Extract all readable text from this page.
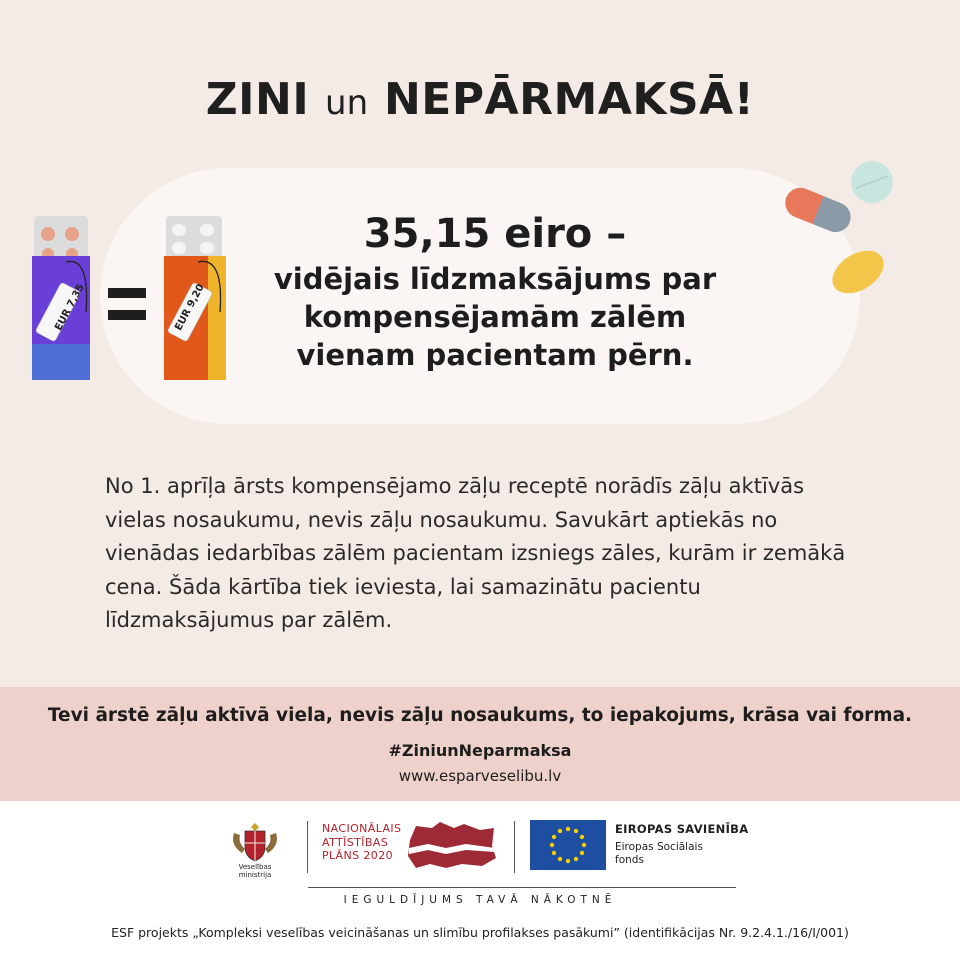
ZINI un NEPĀRMAKSĀ!
EUR 7,35	EUR 9,20
35,15 eiro –
vidējais līdzmaksājums par
kompensējamām zālēm
vienam pacientam pērn.
No 1. aprīļa ārsts kompensējamo zāļu receptē norādīs zāļu aktīvās vielas nosaukumu, nevis zāļu nosaukumu. Savukārt aptiekās no vienādas iedarbības zālēm pacientam izsniegs zāles, kurām ir zemākā cena. Šāda kārtība tiek ieviesta, lai samazinātu pacientu līdzmaksājumus par zālēm.
Tevi ārstē zāļu aktīvā viela, nevis zāļu nosaukums, to iepakojums, krāsa vai forma.
#ZiniunNeparmaksa
www.esparveselibu.lv
Veselības ministrija
NACIONĀLAIS
ATTĪSTĪBAS
PLĀNS 2020
EIROPAS SAVIENĪBA
Eiropas Sociālais
fonds
IEGULDĪJUMS TAVĀ NĀKOTNĒ
ESF projekts „Kompleksi veselības veicināšanas un slimību profilakses pasākumi” (identifikācijas Nr. 9.2.4.1./16/I/001)
